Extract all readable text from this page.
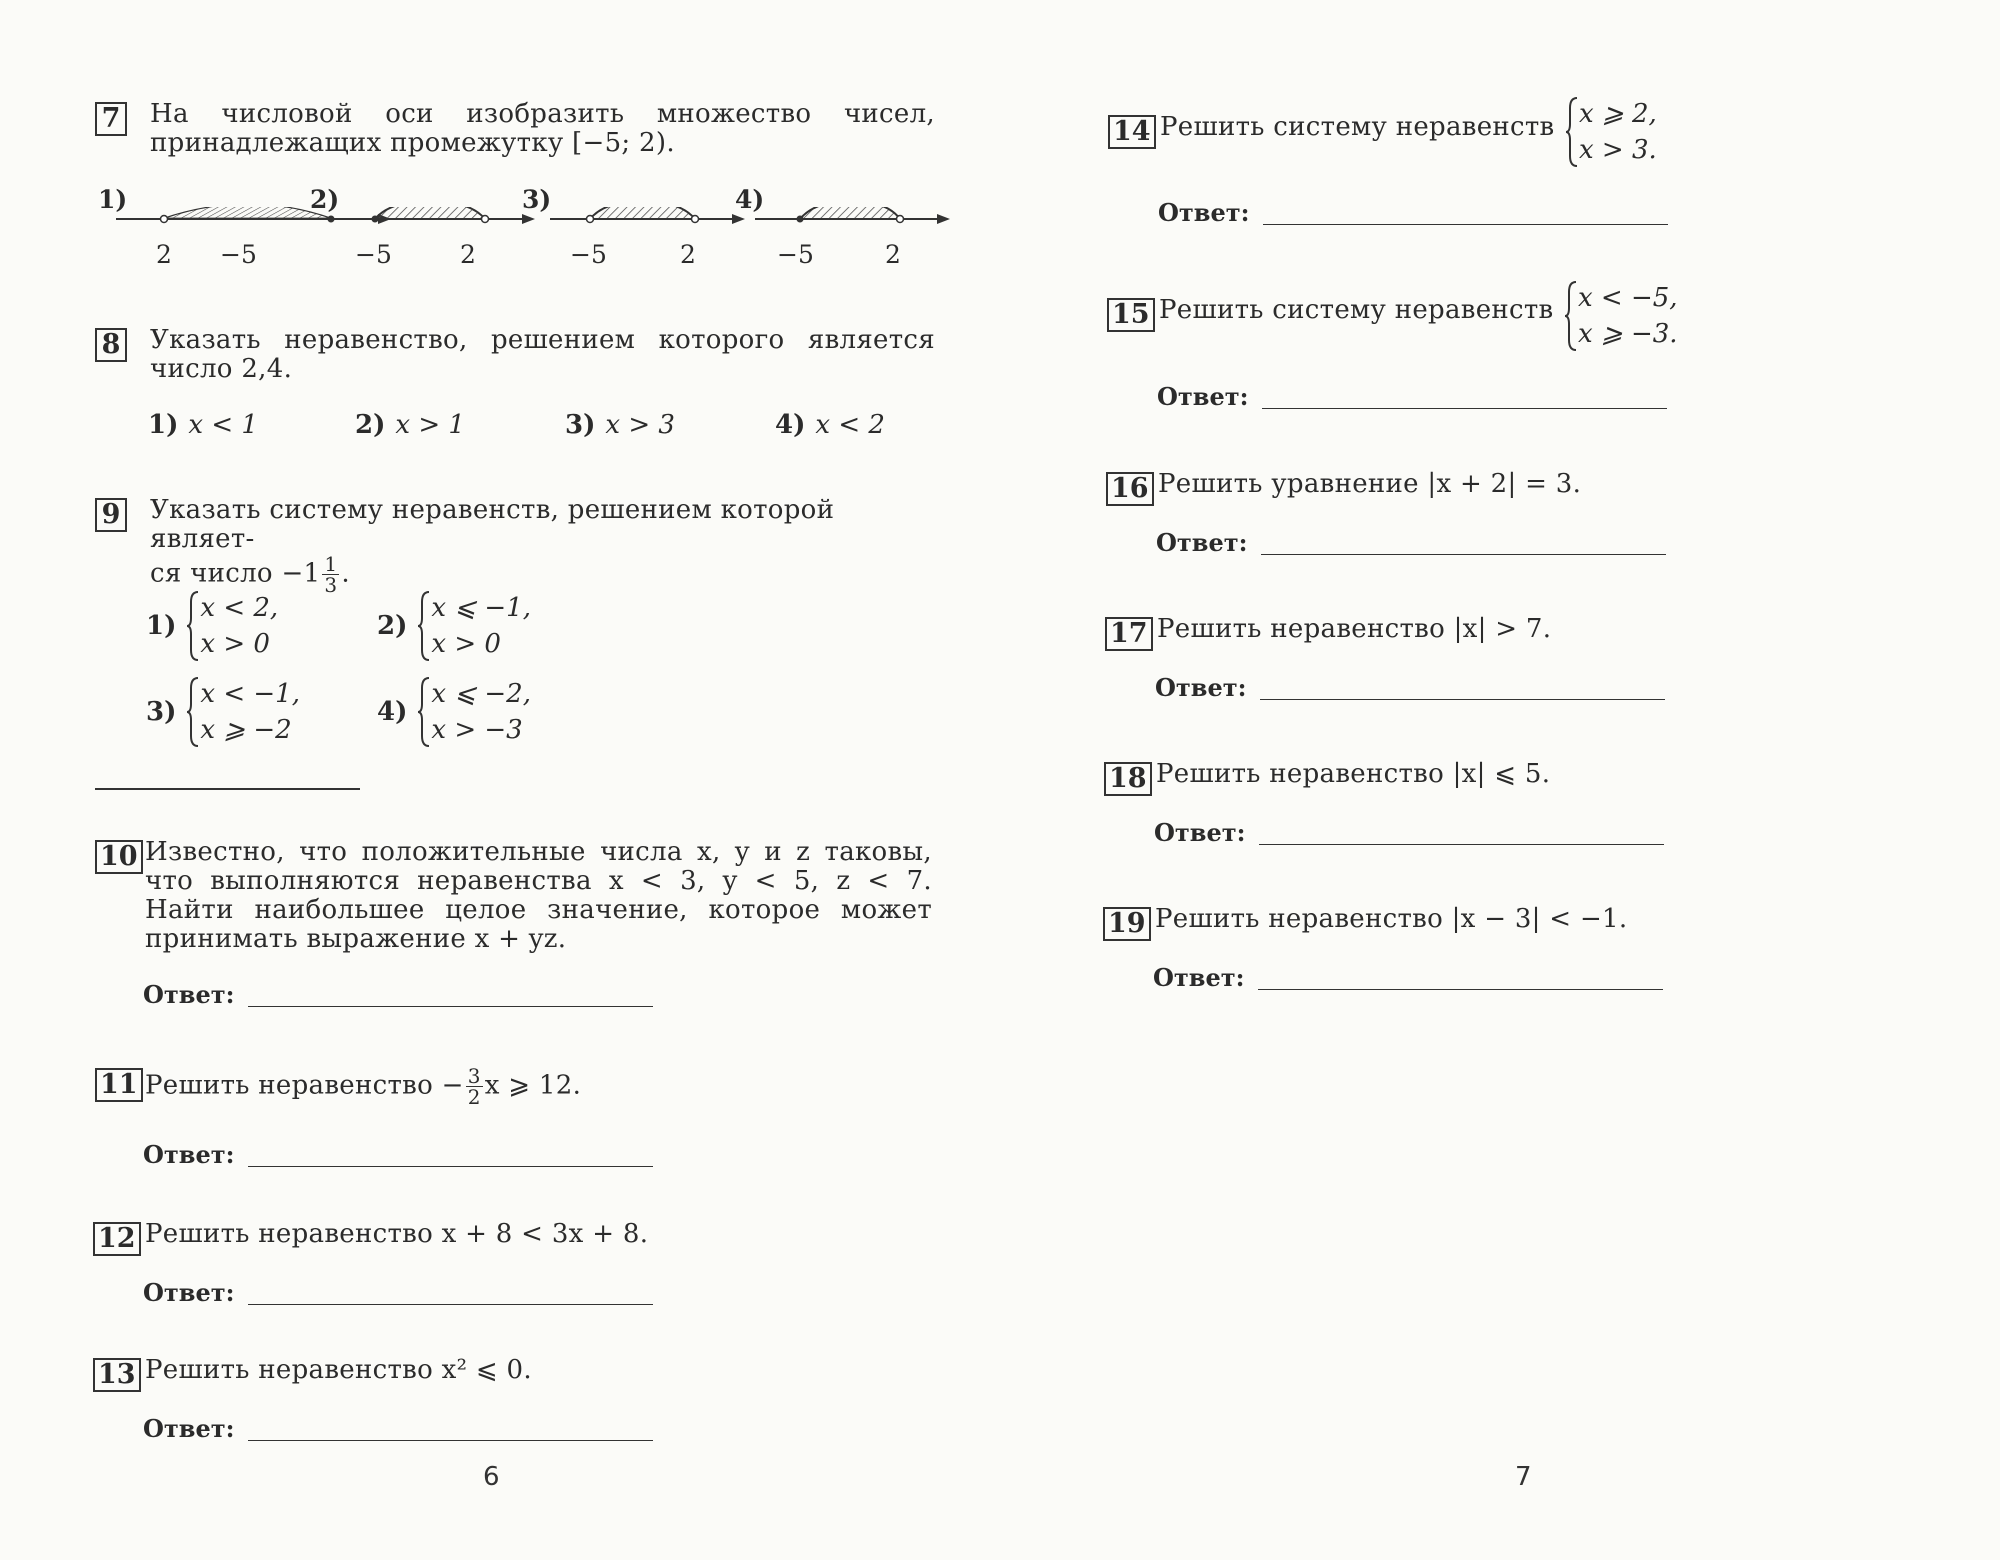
7 На числовой оси изобразить множество чисел, принадлежащих промежутку [−5; 2).
1)
2 −5
2)
−5	2
3)
−5	2
4)
−5	2
8 Указать неравенство, решением которого является число 2,4.
1) x < 1	2) x > 1	3) x > 3	4) x < 2
9 Указать систему неравенств, решением которой являет-
ся число $-1 \frac{1}{3}$ .
1)
x < 2,
x > 0
2)
x ⩽ −1,
x > 0
3)
x < −1,
x ⩾ −2
4)
x ⩽ −2,
x > −3
10 Известно, что положительные числа x, y и z таковы, что выполняются неравенства x < 3, y < 5, z < 7. Найти наибольшее целое значение, которое может принимать выражение x + yz.
Ответ:
11 Решить неравенство − $\frac{3}{2}$ x ⩾ 12.
Ответ:
12 Решить неравенство x + 8 < 3x + 8.
Ответ:
13 Решить неравенство x² ⩽ 0.
Ответ:
6
14 Решить систему неравенств x ⩾ 2,
x > 3.
Ответ:
15 Решить систему неравенств x < −5,
x ⩾ −3.
Ответ:
16 Решить уравнение |x + 2| = 3.
Ответ:
17 Решить неравенство |x| > 7.
Ответ:
18 Решить неравенство |x| ⩽ 5.
Ответ:
19 Решить неравенство |x − 3| < −1.
Ответ:
7
